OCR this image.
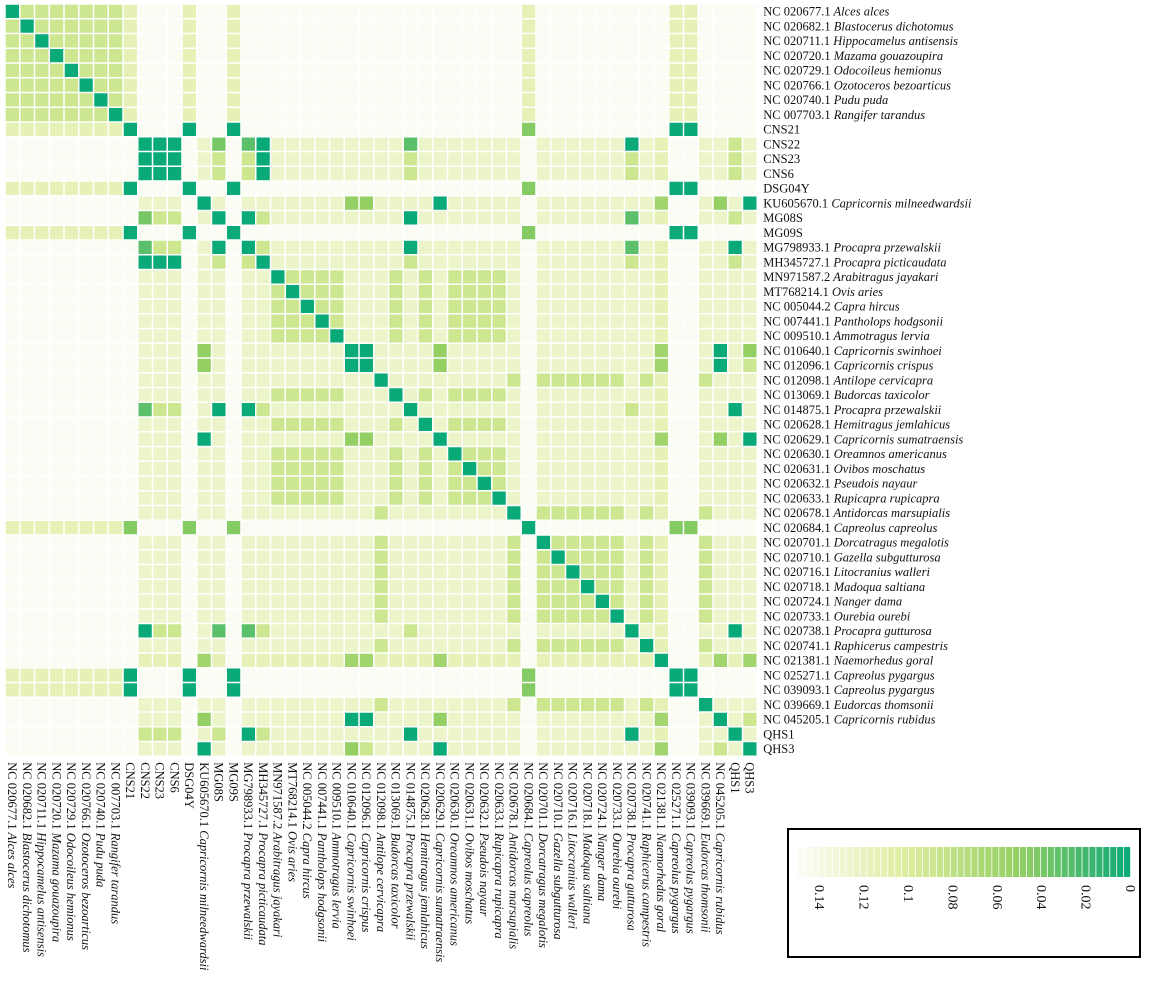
NC 020677.1 Alces alces
NC 020682.1 Blastocerus dichotomus
NC 020711.1 Hippocamelus antisensis
NC 020720.1 Mazama gouazoupira
NC 020729.1 Odocoileus hemionus
NC 020766.1 Ozotoceros bezoarticus
NC 020740.1 Pudu puda
NC 007703.1 Rangifer tarandus
CNS21
CNS22
CNS23
CNS6
DSG04Y
KU605670.1 Capricornis milneedwardsii
MG08S
MG09S
MG798933.1 Procapra przewalskii
MH345727.1 Procapra picticaudata
MN971587.2 Arabitragus jayakari
MT768214.1 Ovis aries
NC 005044.2 Capra hircus
NC 007441.1 Pantholops hodgsonii
NC 009510.1 Ammotragus lervia
NC 010640.1 Capricornis swinhoei
NC 012096.1 Capricornis crispus
NC 012098.1 Antilope cervicapra
NC 013069.1 Budorcas taxicolor
NC 014875.1 Procapra przewalskii
NC 020628.1 Hemitragus jemlahicus
NC 020629.1 Capricornis sumatraensis
NC 020630.1 Oreamnos americanus
NC 020631.1 Ovibos moschatus
NC 020632.1 Pseudois nayaur
NC 020633.1 Rupicapra rupicapra
NC 020678.1 Antidorcas marsupialis
NC 020684.1 Capreolus capreolus
NC 020701.1 Dorcatragus megalotis
NC 020710.1 Gazella subgutturosa
NC 020716.1 Litocranius walleri
NC 020718.1 Madoqua saltiana
NC 020724.1 Nanger dama
NC 020733.1 Ourebia ourebi
NC 020738.1 Procapra gutturosa
NC 020741.1 Raphicerus campestris
NC 021381.1 Naemorhedus goral
NC 025271.1 Capreolus pygargus
NC 039093.1 Capreolus pygargus
NC 039669.1 Eudorcas thomsonii
NC 045205.1 Capricornis rubidus
QHS1
QHS3
NC 020677.1 Alces alces
NC 020682.1 Blastocerus dichotomus
NC 020711.1 Hippocamelus antisensis
NC 020720.1 Mazama gouazoupira
NC 020729.1 Odocoileus hemionus
NC 020766.1 Ozotoceros bezoarticus
NC 020740.1 Pudu puda
NC 007703.1 Rangifer tarandus
CNS21 CNS22 CNS23 CNS6 DSG04Y KU605670.1 Capricornis milneedwardsii
MG08S MG09S MG798933.1 Procapra przewalskii
MH345727.1 Procapra picticaudata
MN971587.2 Arabitragus jayakari
MT768214.1 Ovis aries
NC 005044.2 Capra hircus
NC 007441.1 Pantholops hodgsonii
NC 009510.1 Ammotragus lervia
NC 010640.1 Capricornis swinhoei
NC 012096.1 Capricornis crispus
NC 012098.1 Antilope cervicapra
NC 013069.1 Budorcas taxicolor
NC 014875.1 Procapra przewalskii
NC 020628.1 Hemitragus jemlahicus
NC 020629.1 Capricornis sumatraensis
NC 020630.1 Oreamnos americanus
NC 020631.1 Ovibos moschatus
NC 020632.1 Pseudois nayaur
NC 020633.1 Rupicapra rupicapra
NC 020678.1 Antidorcas marsupialis
NC 020684.1 Capreolus capreolus
NC 020701.1 Dorcatragus megalotis
NC 020710.1 Gazella subgutturosa
NC 020716.1 Litocranius walleri
NC 020718.1 Madoqua saltiana
NC 020724.1 Nanger dama
NC 020733.1 Ourebia ourebi
NC 020738.1 Procapra gutturosa
NC 020741.1 Raphicerus campestris
NC 021381.1 Naemorhedus goral
NC 025271.1 Capreolus pygargus
NC 039093.1 Capreolus pygargus
NC 039669.1 Eudorcas thomsonii
NC 045205.1 Capricornis rubidus
QHS1 QHS3
0.14 0.12 0.1 0.08 0.06 0.04 0.02 0
